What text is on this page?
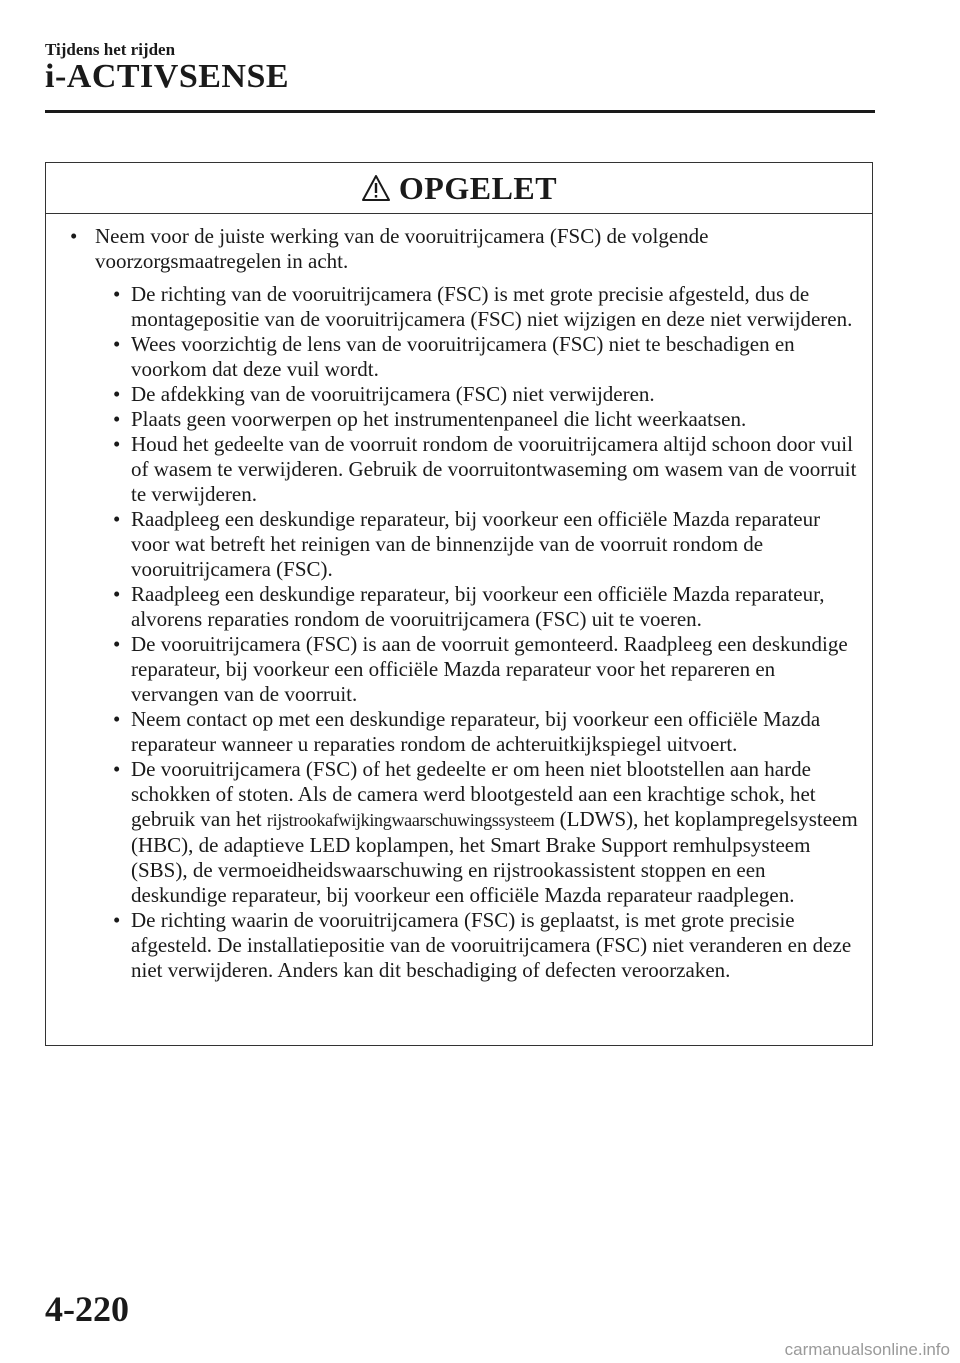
Tijdens het rijden
i-ACTIVSENSE
OPGELET
• Neem voor de juiste werking van de vooruitrijcamera (FSC) de volgende voorzorgsmaatregelen in acht.
• De richting van de vooruitrijcamera (FSC) is met grote precisie afgesteld, dus de montagepositie van de vooruitrijcamera (FSC) niet wijzigen en deze niet verwijderen.
• Wees voorzichtig de lens van de vooruitrijcamera (FSC) niet te beschadigen en voorkom dat deze vuil wordt.
• De afdekking van de vooruitrijcamera (FSC) niet verwijderen.
• Plaats geen voorwerpen op het instrumentenpaneel die licht weerkaatsen.
• Houd het gedeelte van de voorruit rondom de vooruitrijcamera altijd schoon door vuil of wasem te verwijderen. Gebruik de voorruitontwaseming om wasem van de voorruit te verwijderen.
• Raadpleeg een deskundige reparateur, bij voorkeur een officiële Mazda reparateur voor wat betreft het reinigen van de binnenzijde van de voorruit rondom de vooruitrijcamera (FSC).
• Raadpleeg een deskundige reparateur, bij voorkeur een officiële Mazda reparateur, alvorens reparaties rondom de vooruitrijcamera (FSC) uit te voeren.
• De vooruitrijcamera (FSC) is aan de voorruit gemonteerd. Raadpleeg een deskundige reparateur, bij voorkeur een officiële Mazda reparateur voor het repareren en vervangen van de voorruit.
• Neem contact op met een deskundige reparateur, bij voorkeur een officiële Mazda reparateur wanneer u reparaties rondom de achteruitkijkspiegel uitvoert.
• De vooruitrijcamera (FSC) of het gedeelte er om heen niet blootstellen aan harde schokken of stoten. Als de camera werd blootgesteld aan een krachtige schok, het gebruik van het rijstrookafwijkingwaarschuwingssysteem (LDWS), het koplampregelsysteem (HBC), de adaptieve LED koplampen, het Smart Brake Support remhulpsysteem (SBS), de vermoeidheidswaarschuwing en rijstrookassistent stoppen en een deskundige reparateur, bij voorkeur een officiële Mazda reparateur raadplegen.
• De richting waarin de vooruitrijcamera (FSC) is geplaatst, is met grote precisie afgesteld. De installatiepositie van de vooruitrijcamera (FSC) niet veranderen en deze niet verwijderen. Anders kan dit beschadiging of defecten veroorzaken.
4-220
carmanualsonline.info
